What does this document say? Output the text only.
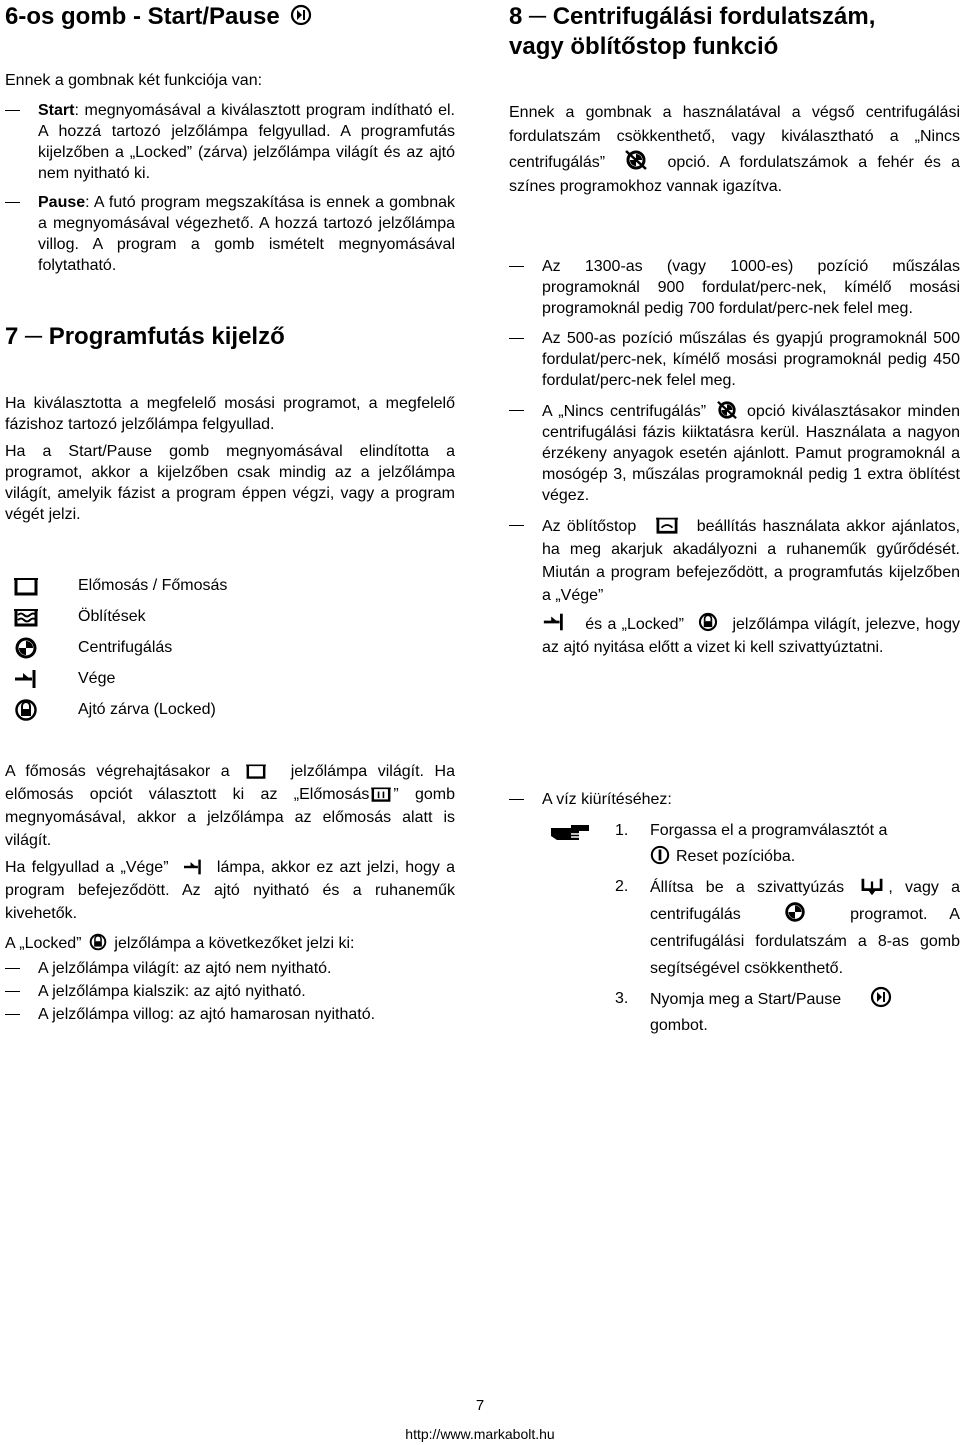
6-os gomb - Start/Pause

Ennek a gombnak két funkciója van:

Start: megnyomásával a kiválasztott program indítható el. A hozzá tartozó jelzőlámpa felgyullad. A programfutás kijelzőben a „Locked” (zárva) jelzőlámpa világít és az ajtó nem nyitható ki.
Pause: A futó program megszakítása is ennek a gombnak a megnyomásával végezhető. A hozzá tartozó jelzőlámpa villog. A program a gomb ismételt megnyomásával folytatható.
7 ─ Programfutás kijelző

Ha kiválasztotta a megfelelő mosási programot, a megfelelő fázishoz tartozó jelzőlámpa felgyullad.

Ha a Start/Pause gomb megnyomásával elindította a programot, akkor a kijelzőben csak mindig az a jelzőlámpa világít, amelyik fázist a program éppen végzi, vagy a program végét jelzi.

Előmosás / Főmosás
Öblítések
Centrifugálás
Vége
Ajtó zárva (Locked)

A főmosás végrehajtásakor a	jelzőlámpa világít. Ha előmosás opciót választott ki az „Előmosás ” gomb megnyomásával, akkor a jelzőlámpa az előmosás alatt is világít.

Ha felgyullad a „Vége”	lámpa, akkor ez azt jelzi, hogy a program befejeződött. Az ajtó nyitható és a ruhaneműk kivehetők.

A „Locked” jelzőlámpa a következőket jelzi ki:

A jelzőlámpa világít: az ajtó nem nyitható.
A jelzőlámpa kialszik: az ajtó nyitható.
A jelzőlámpa villog: az ajtó hamarosan nyitható.
8 ─ Centrifugálási fordulatszám,
vagy öblítőstop funkció

Ennek a gombnak a használatával a végső centrifugálási fordulatszám csökkenthető, vagy kiválasztható a „Nincs centrifugálás”	opció. A fordulatszámok a fehér és a színes programokhoz vannak igazítva.

Az 1300-as (vagy 1000-es) pozíció műszálas programoknál 900 fordulat/perc-nek, kímélő mosási programoknál pedig 700 fordulat/perc-nek felel meg.
Az 500-as pozíció műszálas és gyapjú programoknál 500 fordulat/perc-nek, kímélő mosási programoknál pedig 450 fordulat/perc-nek felel meg.
A „Nincs centrifugálás”	opció kiválasztásakor minden centrifugálási fázis kiiktatásra kerül. Használata a nagyon érzékeny anyagok esetén ajánlott. Pamut programoknál a mosógép 3, műszálas programoknál pedig 1 extra öblítést végez.
Az öblítőstop	beállítás használata akkor ajánlatos, ha meg akarjuk akadályozni a ruhaneműk gyűrődését. Miután a program befejeződött, a programfutás kijelzőben a „Vége”
és a „Locked”	jelzőlámpa világít, jelezve, hogy az ajtó nyitása előtt a vizet ki kell szivattyúztatni.
A víz kiürítéséhez:
1. Forgassa el a programválasztót a
Reset pozícióba.
2. Állítsa be a szivattyúzás	, vagy a centrifugálás	programot. A centrifugálási fordulatszám a 8-as gomb segítségével csökkenthető.
3. Nyomja meg a Start/Pause
gombot.
7
http://www.markabolt.hu
